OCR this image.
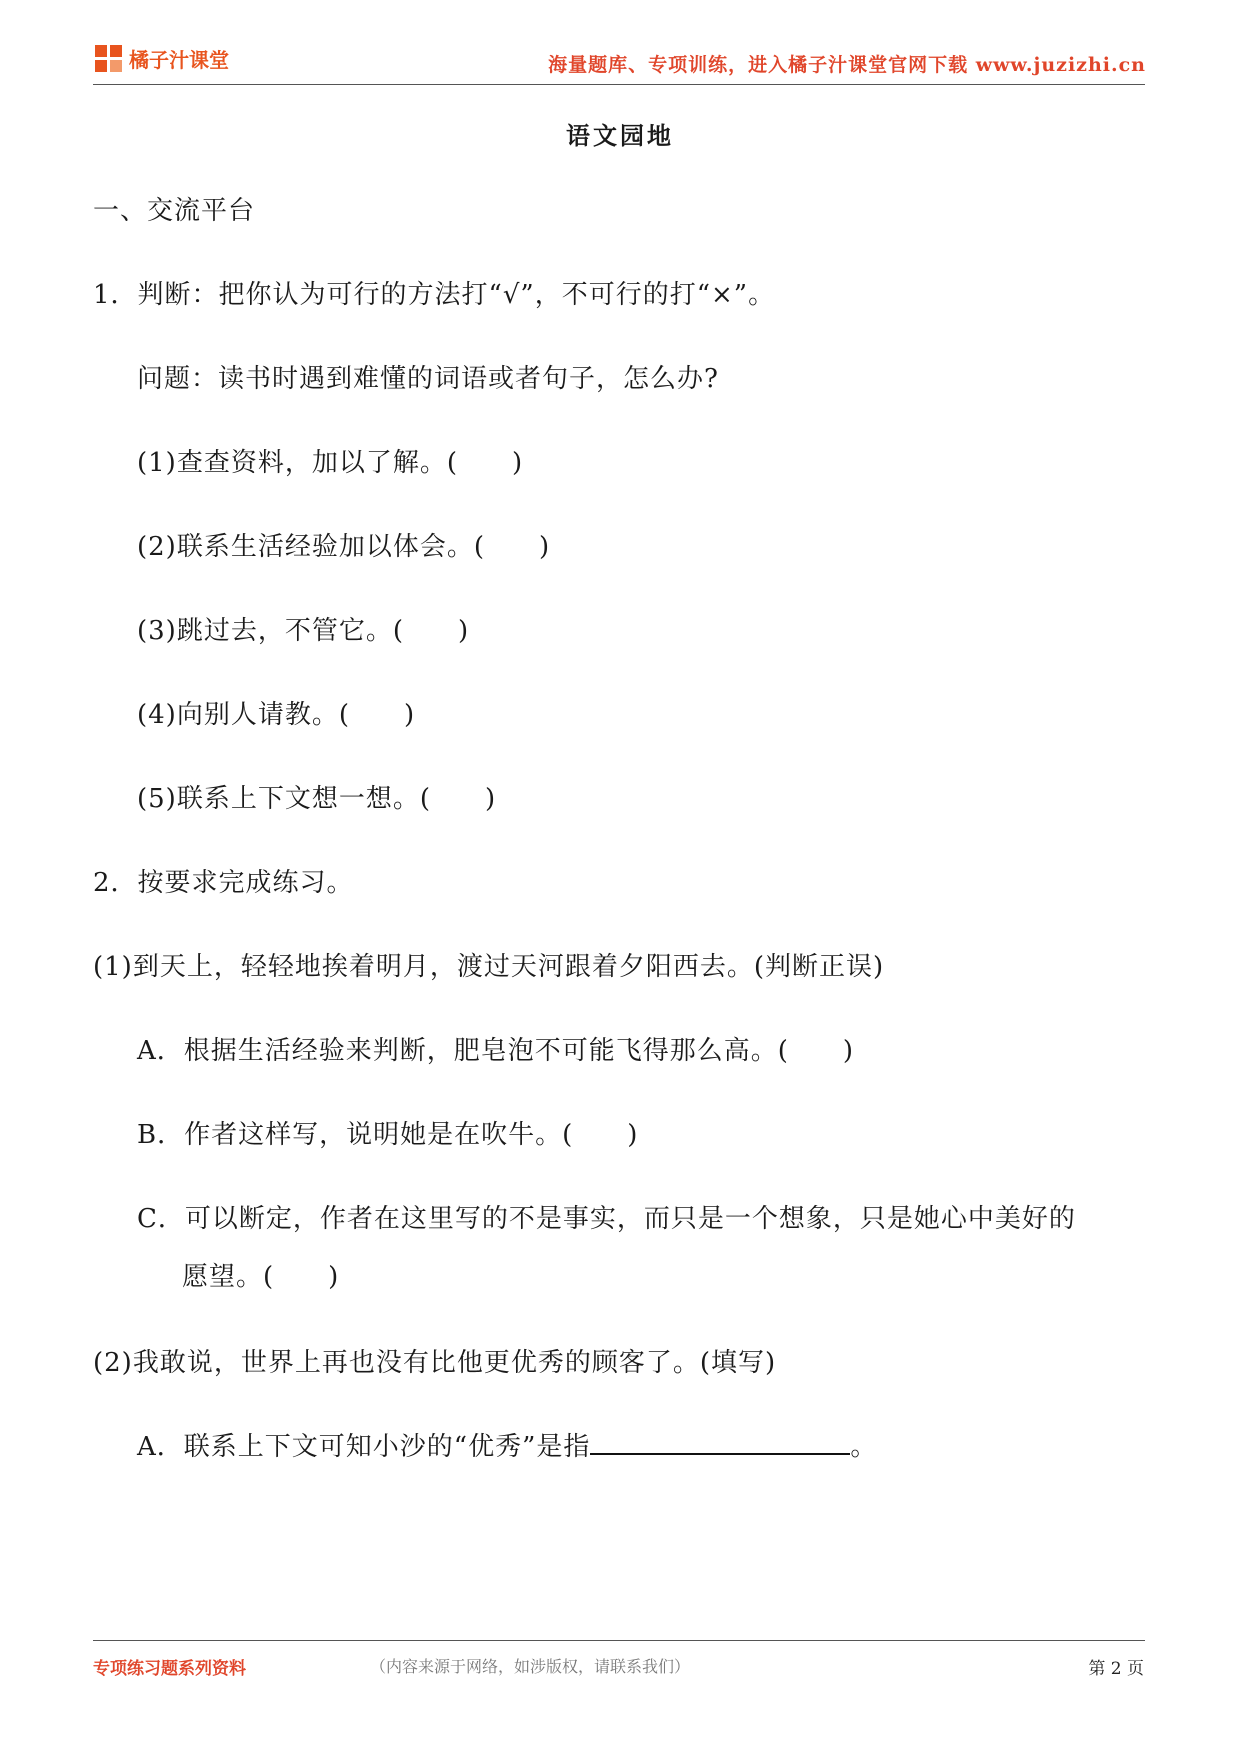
橘子汁课堂	海量题库、专项训练，进入橘子汁课堂官网下载 www.juzizhi.cn
语文园地
一、交流平台
1．判断：把你认为可行的方法打“√”，不可行的打“×”。
问题：读书时遇到难懂的词语或者句子，怎么办?
(1)查查资料，加以了解。(　　)
(2)联系生活经验加以体会。(　　)
(3)跳过去，不管它。(　　)
(4)向别人请教。(　　)
(5)联系上下文想一想。(　　)
2．按要求完成练习。
(1)到天上，轻轻地挨着明月，渡过天河跟着夕阳西去。(判断正误)
A．根据生活经验来判断，肥皂泡不可能飞得那么高。(　　)
B．作者这样写，说明她是在吹牛。(　　)
C．可以断定，作者在这里写的不是事实，而只是一个想象，只是她心中美好的
愿望。(　　)
(2)我敢说，世界上再也没有比他更优秀的顾客了。(填写)
A．联系上下文可知小沙的“优秀”是指	。
专项练习题系列资料	（内容来源于网络，如涉版权，请联系我们）	第 2 页
